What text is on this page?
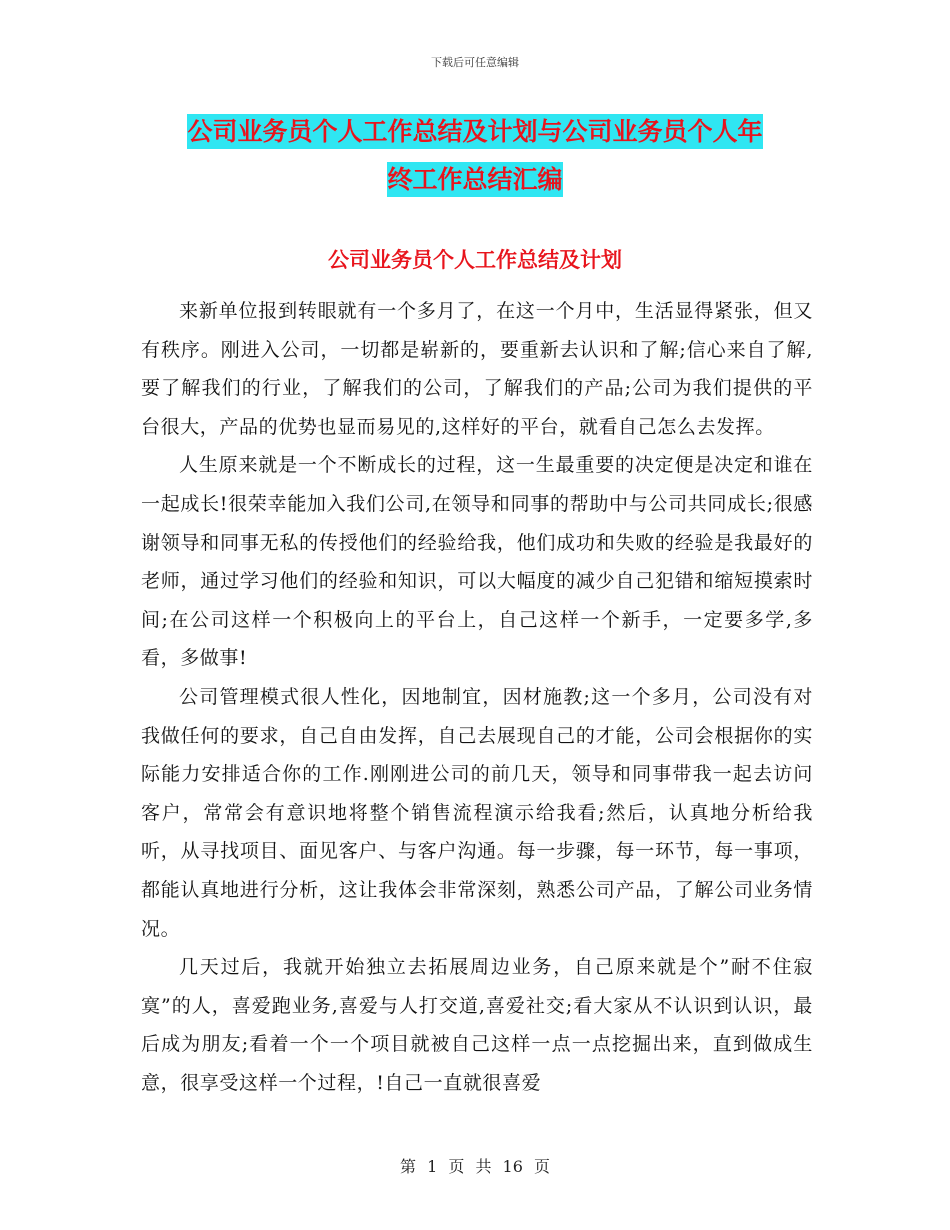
下载后可任意编辑
公司业务员个人工作总结及计划与公司业务员个人年
终工作总结汇编
公司业务员个人工作总结及计划

来新单位报到转眼就有一个多月了，在这一个月中，生活显得紧张，但又有秩序。刚进入公司，一切都是崭新的，要重新去认识和了解;信心来自了解,要了解我们的行业，了解我们的公司，了解我们的产品;公司为我们提供的平台很大，产品的优势也显而易见的,这样好的平台，就看自己怎么去发挥。

人生原来就是一个不断成长的过程，这一生最重要的决定便是决定和谁在一起成长!很荣幸能加入我们公司,在领导和同事的帮助中与公司共同成长;很感谢领导和同事无私的传授他们的经验给我，他们成功和失败的经验是我最好的老师，通过学习他们的经验和知识，可以大幅度的减少自己犯错和缩短摸索时间;在公司这样一个积极向上的平台上，自己这样一个新手，一定要多学,多看，多做事!

公司管理模式很人性化，因地制宜，因材施教;这一个多月，公司没有对我做任何的要求，自己自由发挥，自己去展现自己的才能，公司会根据你的实际能力安排适合你的工作.刚刚进公司的前几天，领导和同事带我一起去访问客户，常常会有意识地将整个销售流程演示给我看;然后，认真地分析给我听，从寻找项目、面见客户、与客户沟通。每一步骤，每一环节，每一事项，都能认真地进行分析，这让我体会非常深刻，熟悉公司产品，了解公司业务情况。

几天过后，我就开始独立去拓展周边业务，自己原来就是个”耐不住寂寞”的人，喜爱跑业务,喜爱与人打交道,喜爱社交;看大家从不认识到认识，最后成为朋友;看着一个一个项目就被自己这样一点一点挖掘出来，直到做成生意，很享受这样一个过程，!自己一直就很喜爱

第 1 页 共 16 页
